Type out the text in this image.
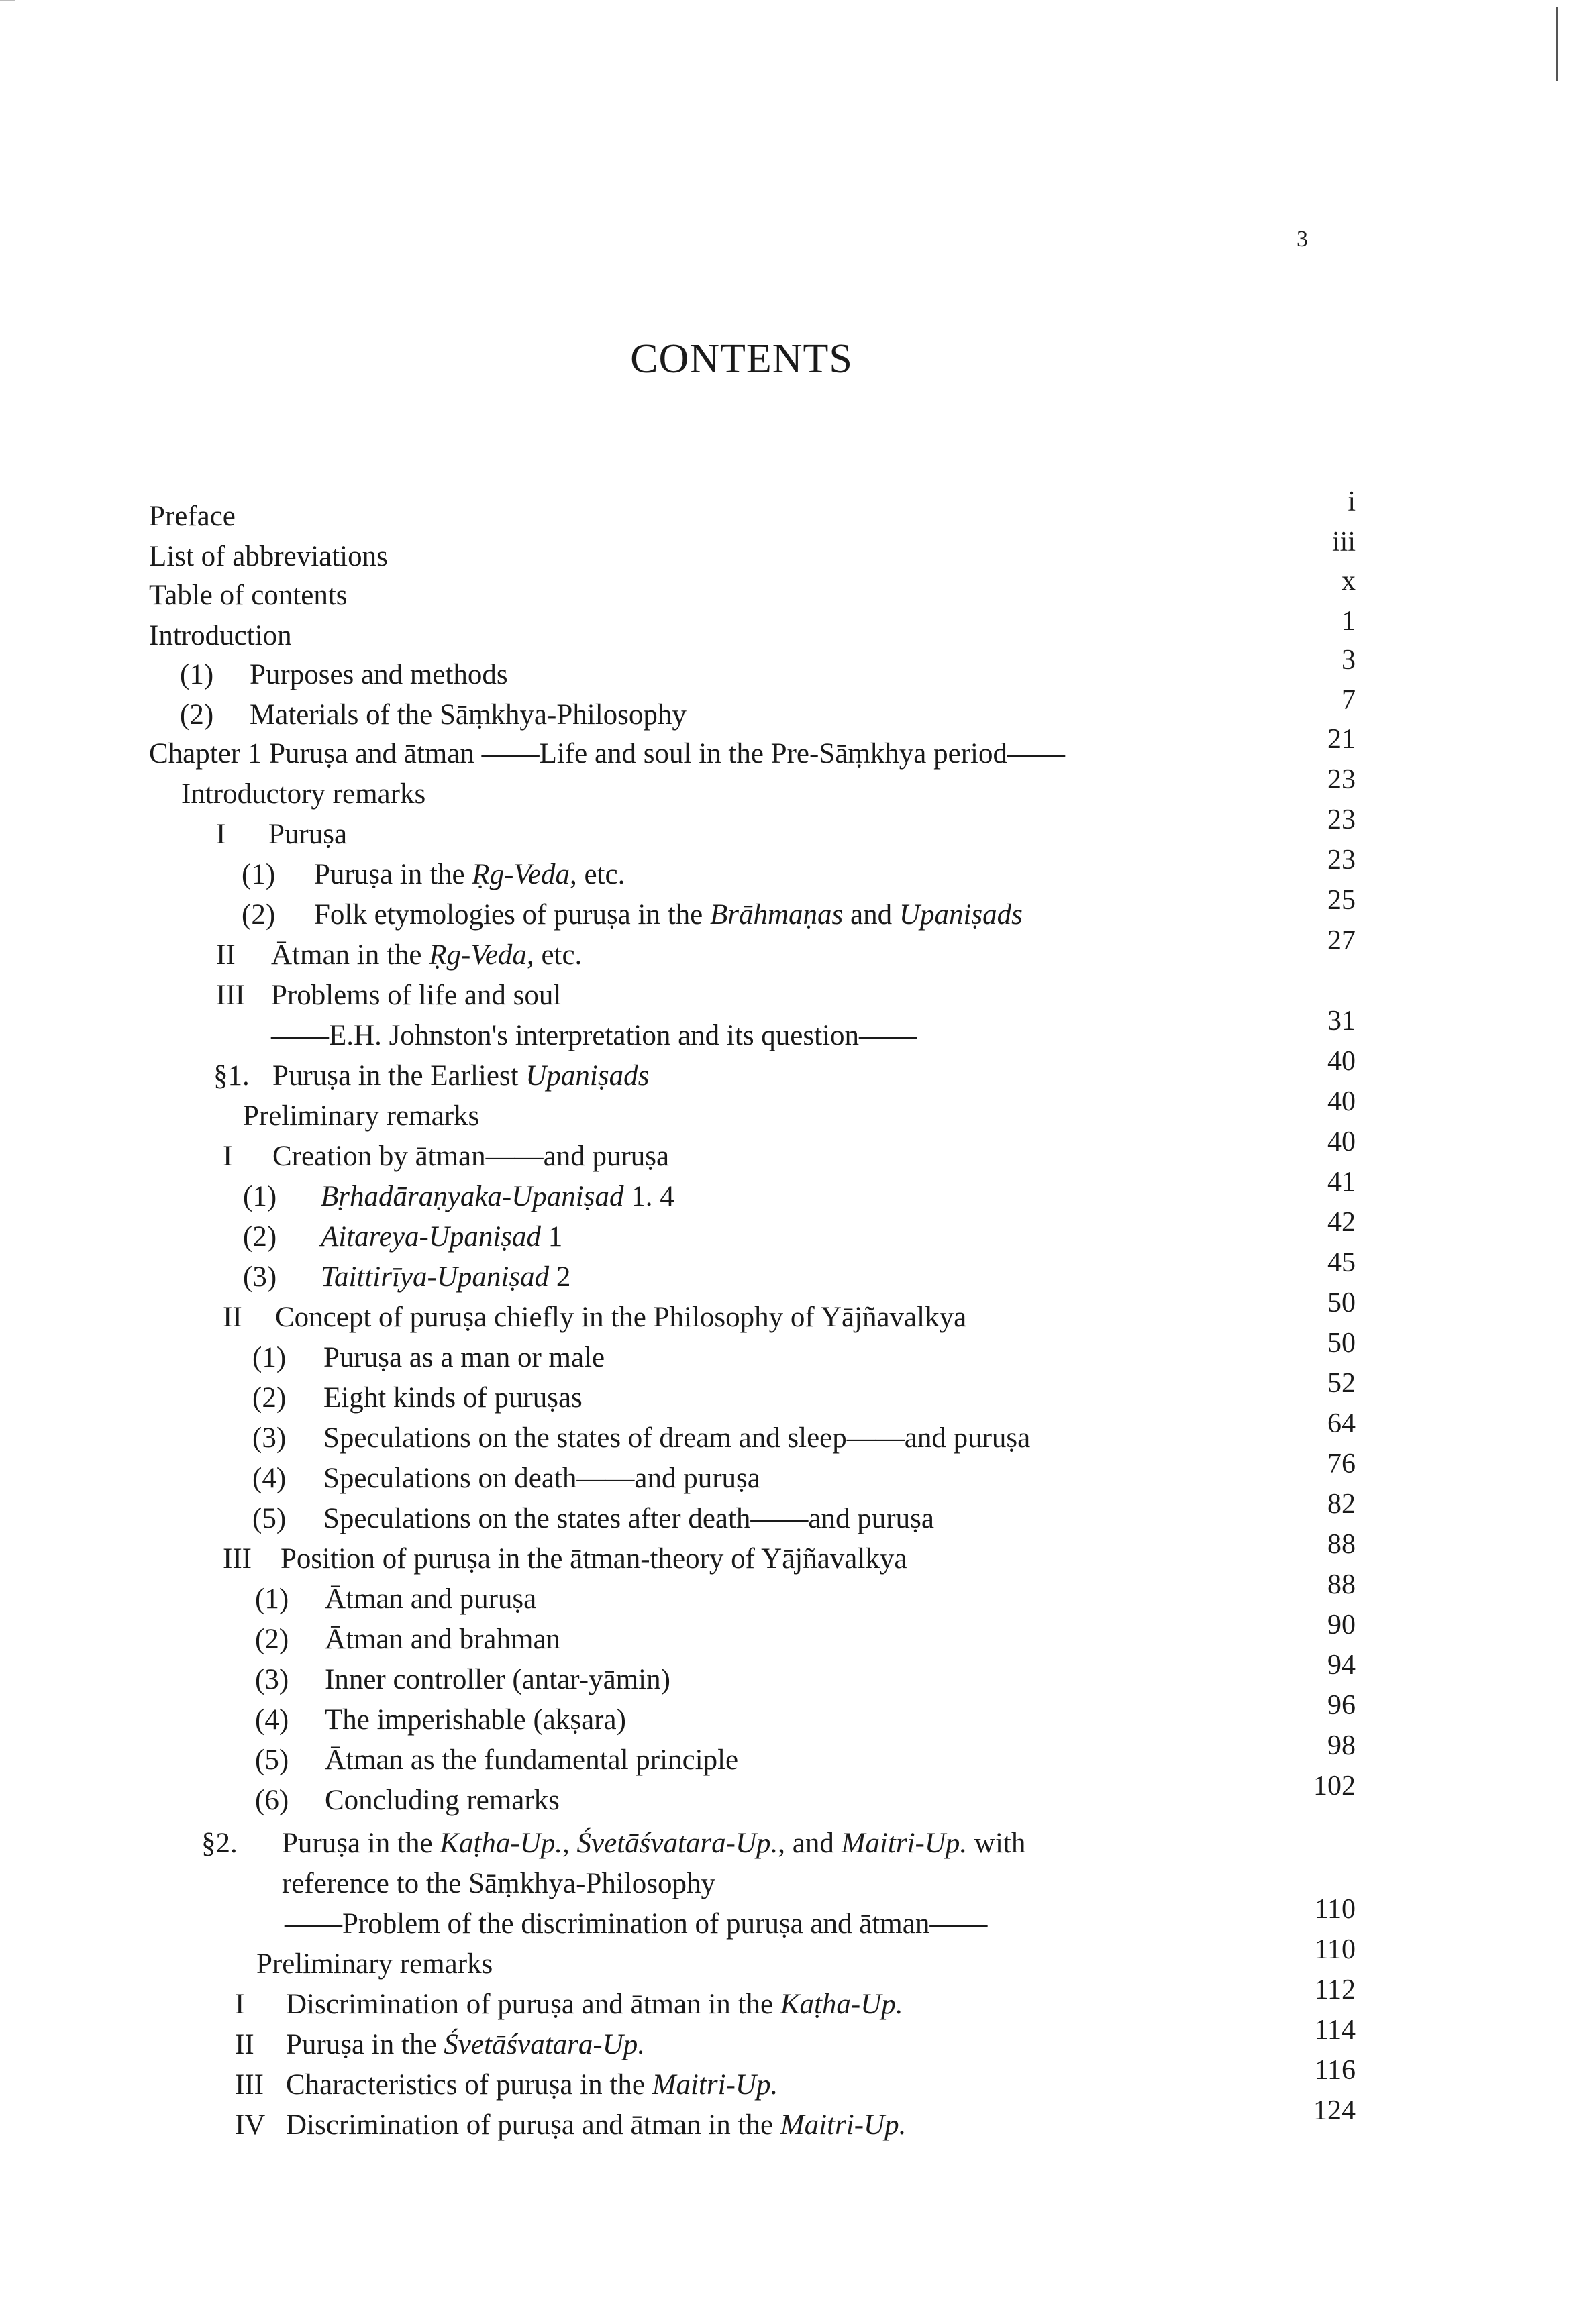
3
CONTENTS
Preface	i
List of abbreviations	iii
Table of contents	x
Introduction	1
(1) Purposes and methods	3
(2) Materials of the Sāṃkhya-Philosophy	7
Chapter 1 Puruṣa and ātman ——Life and soul in the Pre-Sāṃkhya period——	21
Introductory remarks	23
I Puruṣa	23
(1) Puruṣa in the Ṛg-Veda, etc.	23
(2) Folk etymologies of puruṣa in the Brāhmaṇas and Upaniṣads	25
II Ātman in the Ṛg-Veda, etc.	27
III Problems of life and soul
——E.H. Johnston's interpretation and its question——	31
§1. Puruṣa in the Earliest Upaniṣads	40
Preliminary remarks	40
I Creation by ātman——and puruṣa	40
(1) Bṛhadāraṇyaka-Upaniṣad 1. 4	41
(2) Aitareya-Upaniṣad 1	42
(3) Taittirīya-Upaniṣad 2	45
II Concept of puruṣa chiefly in the Philosophy of Yājñavalkya	50
(1) Puruṣa as a man or male	50
(2) Eight kinds of puruṣas	52
(3) Speculations on the states of dream and sleep——and puruṣa	64
(4) Speculations on death——and puruṣa	76
(5) Speculations on the states after death——and puruṣa	82
III Position of puruṣa in the ātman-theory of Yājñavalkya	88
(1) Ātman and puruṣa	88
(2) Ātman and brahman	90
(3) Inner controller (antar-yāmin)	94
(4) The imperishable (akṣara)	96
(5) Ātman as the fundamental principle	98
(6) Concluding remarks	102
§2. Puruṣa in the Kaṭha-Up., Śvetāśvatara-Up., and Maitri-Up. with
reference to the Sāṃkhya-Philosophy
——Problem of the discrimination of puruṣa and ātman——	110
Preliminary remarks	110
I Discrimination of puruṣa and ātman in the Kaṭha-Up.	112
II Puruṣa in the Śvetāśvatara-Up.	114
III Characteristics of puruṣa in the Maitri-Up.	116
IV Discrimination of puruṣa and ātman in the Maitri-Up.	124
